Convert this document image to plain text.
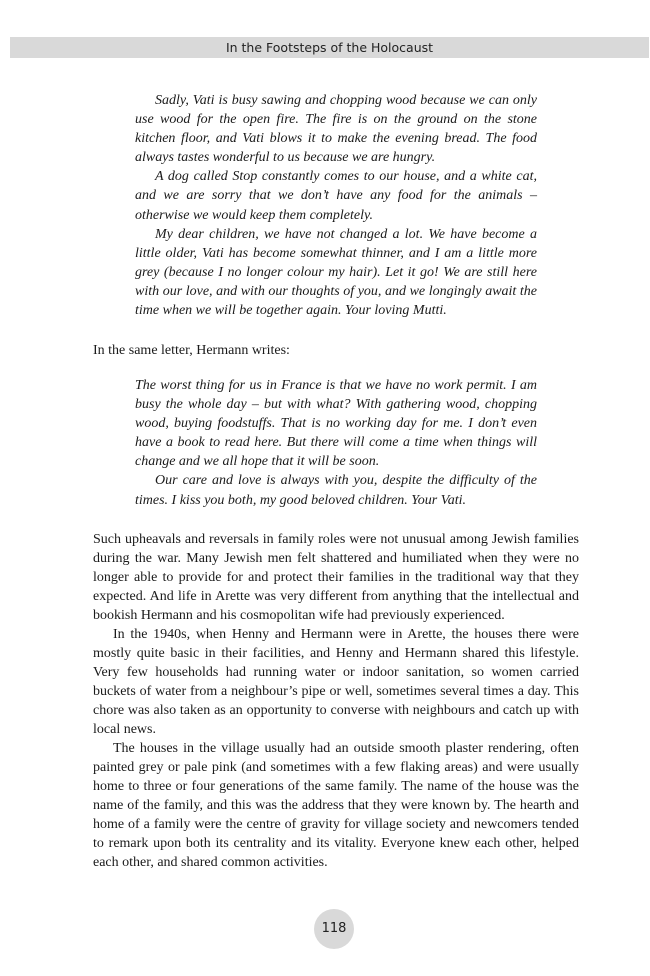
In the Footsteps of the Holocaust

Sadly, Vati is busy sawing and chopping wood because we can only use wood for the open fire. The fire is on the ground on the stone kitchen floor, and Vati blows it to make the evening bread. The food always tastes wonderful to us because we are hungry.

A dog called Stop constantly comes to our house, and a white cat, and we are sorry that we don’t have any food for the animals – otherwise we would keep them completely.

My dear children, we have not changed a lot. We have become a little older, Vati has become somewhat thinner, and I am a little more grey (because I no longer colour my hair). Let it go! We are still here with our love, and with our thoughts of you, and we longingly await the time when we will be together again. Your loving Mutti.

In the same letter, Hermann writes:

The worst thing for us in France is that we have no work permit. I am busy the whole day – but with what? With gathering wood, chopping wood, buying foodstuffs. That is no working day for me. I don’t even have a book to read here. But there will come a time when things will change and we all hope that it will be soon.

Our care and love is always with you, despite the difficulty of the times. I kiss you both, my good beloved children. Your Vati.

Such upheavals and reversals in family roles were not unusual among Jewish families during the war. Many Jewish men felt shattered and humiliated when they were no longer able to provide for and protect their families in the traditional way that they expected. And life in Arette was very different from anything that the intellectual and bookish Hermann and his cosmopolitan wife had previously experienced.

In the 1940s, when Henny and Hermann were in Arette, the houses there were mostly quite basic in their facilities, and Henny and Hermann shared this lifestyle. Very few households had running water or indoor sanitation, so women carried buckets of water from a neighbour’s pipe or well, sometimes several times a day. This chore was also taken as an opportunity to converse with neighbours and catch up with local news.

The houses in the village usually had an outside smooth plaster rendering, often painted grey or pale pink (and sometimes with a few flaking areas) and were usually home to three or four generations of the same family. The name of the house was the name of the family, and this was the address that they were known by. The hearth and home of a family were the centre of gravity for village society and newcomers tended to remark upon both its centrality and its vitality. Everyone knew each other, helped each other, and shared common activities.

118
